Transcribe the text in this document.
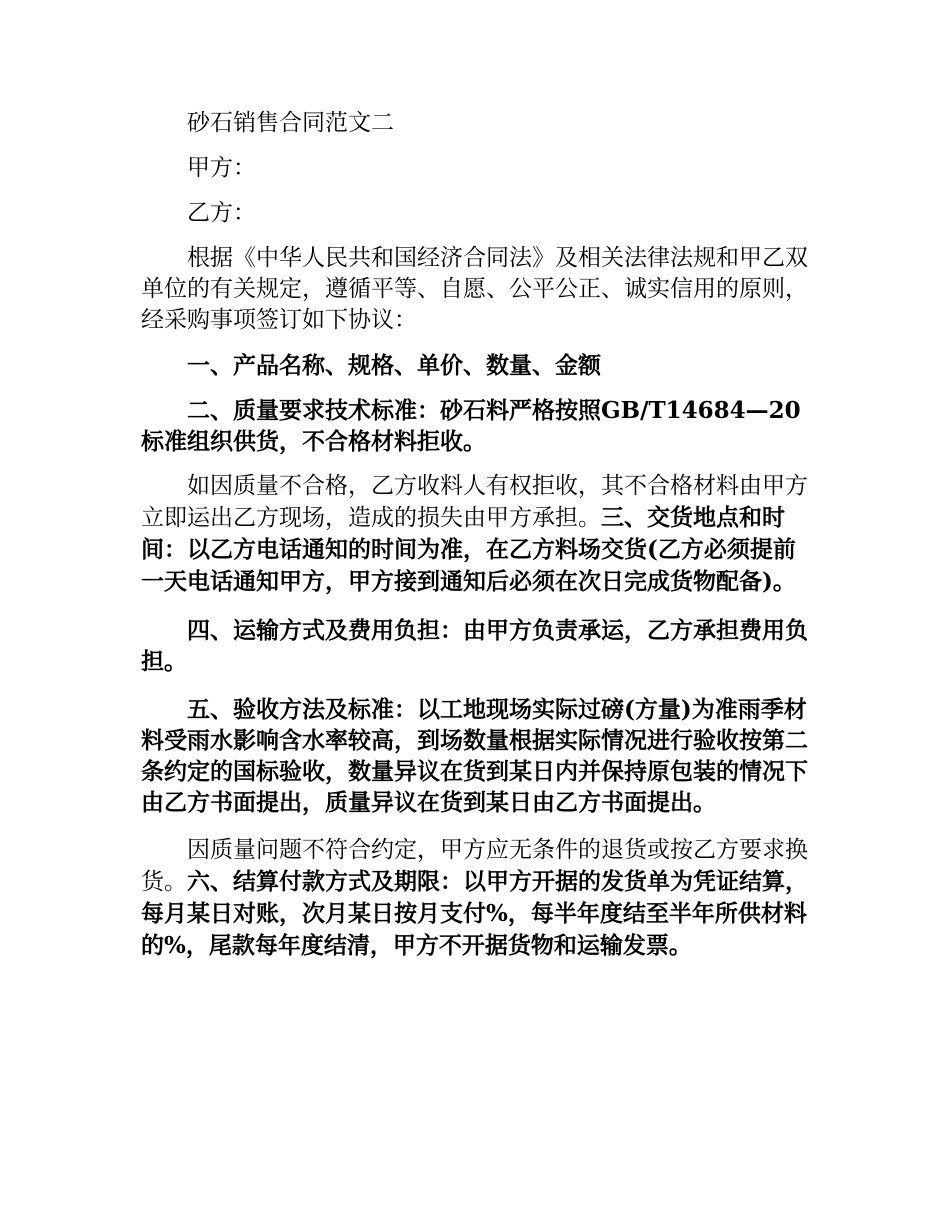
砂石销售合同范文二

甲方：

乙方：

根据《中华人民共和国经济合同法》及相关法律法规和甲乙双单位的有关规定，遵循平等、自愿、公平公正、诚实信用的原则，经采购事项签订如下协议：

一、产品名称、规格、单价、数量、金额

二、质量要求技术标准：砂石料严格按照GB/T14684—20标准组织供货，不合格材料拒收。

如因质量不合格，乙方收料人有权拒收，其不合格材料由甲方立即运出乙方现场，造成的损失由甲方承担。三、交货地点和时间：以乙方电话通知的时间为准，在乙方料场交货(乙方必须提前一天电话通知甲方，甲方接到通知后必须在次日完成货物配备)。

四、运输方式及费用负担：由甲方负责承运，乙方承担费用负担。

五、验收方法及标准：以工地现场实际过磅(方量)为准雨季材料受雨水影响含水率较高，到场数量根据实际情况进行验收按第二条约定的国标验收，数量异议在货到某日内并保持原包装的情况下由乙方书面提出，质量异议在货到某日由乙方书面提出。

因质量问题不符合约定，甲方应无条件的退货或按乙方要求换货。六、结算付款方式及期限：以甲方开据的发货单为凭证结算，每月某日对账，次月某日按月支付%，每半年度结至半年所供材料的%，尾款每年度结清，甲方不开据货物和运输发票。
